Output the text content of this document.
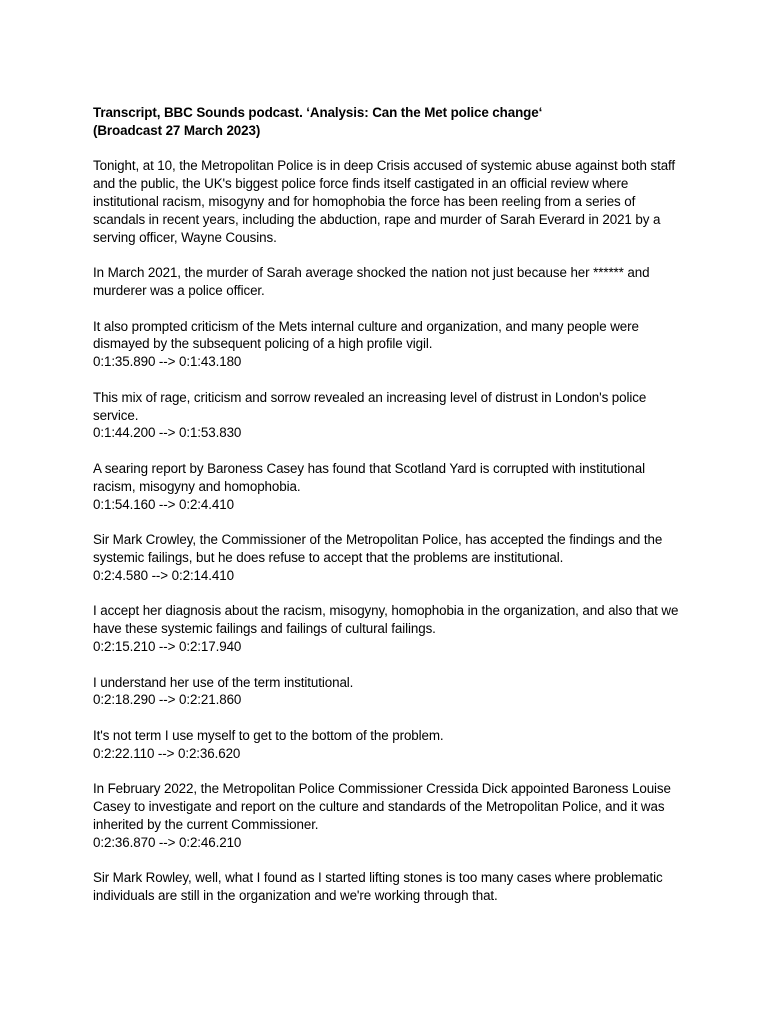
Transcript, BBC Sounds podcast. ‘Analysis: Can the Met police change‘
(Broadcast 27 March 2023)

Tonight, at 10, the Metropolitan Police is in deep Crisis accused of systemic abuse against both staff and the public, the UK's biggest police force finds itself castigated in an official review where institutional racism, misogyny and for homophobia the force has been reeling from a series of scandals in recent years, including the abduction, rape and murder of Sarah Everard in 2021 by a serving officer, Wayne Cousins.
In March 2021, the murder of Sarah average shocked the nation not just because her ****** and murderer was a police officer.
It also prompted criticism of the Mets internal culture and organization, and many people were dismayed by the subsequent policing of a high profile vigil.
0:1:35.890 --> 0:1:43.180
This mix of rage, criticism and sorrow revealed an increasing level of distrust in London's police service.
0:1:44.200 --> 0:1:53.830
A searing report by Baroness Casey has found that Scotland Yard is corrupted with institutional racism, misogyny and homophobia.
0:1:54.160 --> 0:2:4.410
Sir Mark Crowley, the Commissioner of the Metropolitan Police, has accepted the findings and the systemic failings, but he does refuse to accept that the problems are institutional.
0:2:4.580 --> 0:2:14.410
I accept her diagnosis about the racism, misogyny, homophobia in the organization, and also that we have these systemic failings and failings of cultural failings.
0:2:15.210 --> 0:2:17.940
I understand her use of the term institutional.
0:2:18.290 --> 0:2:21.860
It's not term I use myself to get to the bottom of the problem.
0:2:22.110 --> 0:2:36.620
In February 2022, the Metropolitan Police Commissioner Cressida Dick appointed Baroness Louise Casey to investigate and report on the culture and standards of the Metropolitan Police, and it was inherited by the current Commissioner.
0:2:36.870 --> 0:2:46.210
Sir Mark Rowley, well, what I found as I started lifting stones is too many cases where problematic individuals are still in the organization and we're working through that.
